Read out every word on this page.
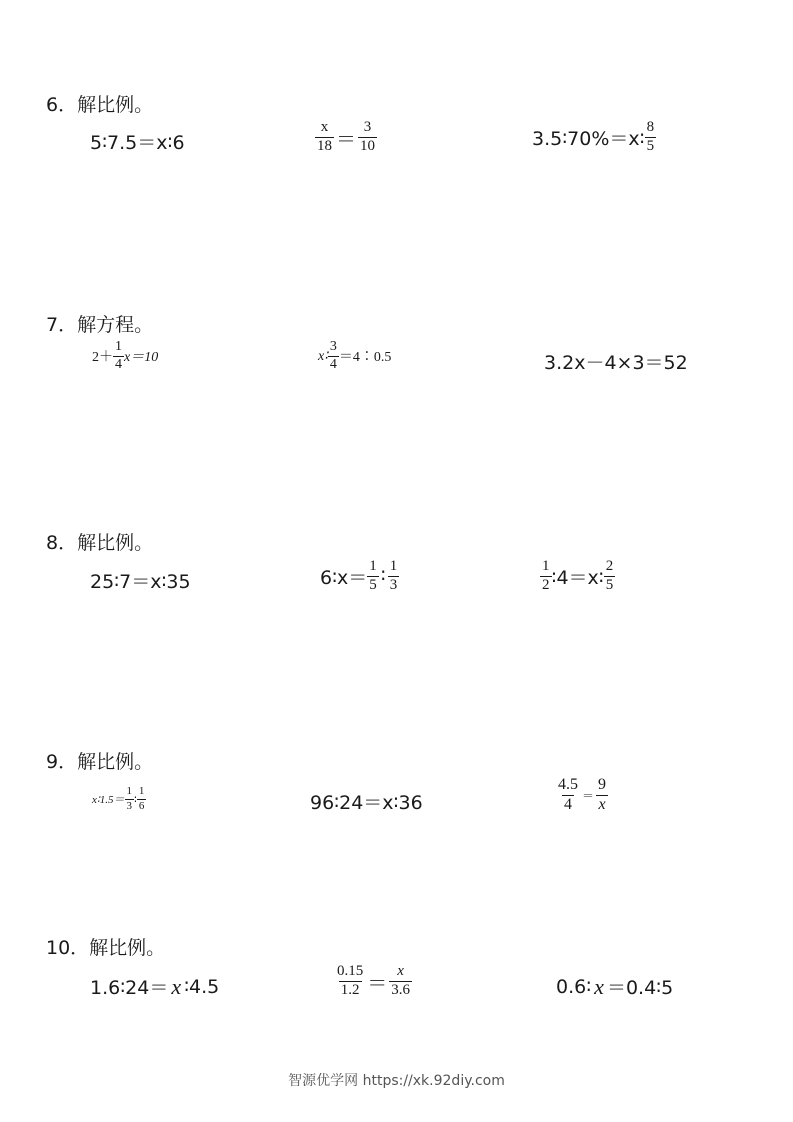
6．解比例。
5∶7.5＝x∶6	$\frac{x}{18} = \frac{3}{10}$	3.5∶70%＝x∶ $\frac{8}{5}$
7．解方程。
$2+ \frac{1}{4} x=10$	x∶ $\frac{3}{4}$ ＝4∶0.5	3.2x－4×3＝52
8．解比例。
25∶7＝x∶35	6∶x＝ $\frac{1}{5}$ ∶ $\frac{1}{3}$	$\frac{1}{2}$ ∶4＝x∶ $\frac{2}{5}$
9．解比例。
x∶1.5＝ $\frac{1}{3}$ ∶ $\frac{1}{6}$	96∶24＝x∶36	$\frac{4.5}{4} = \frac{9}{x}$
10．解比例。
1.6∶24＝ x ∶4.5	$\frac{0.15}{1.2} = \frac{x}{3.6}$	0.6∶ x ＝0.4∶5
智源优学网 https://xk.92diy.com
